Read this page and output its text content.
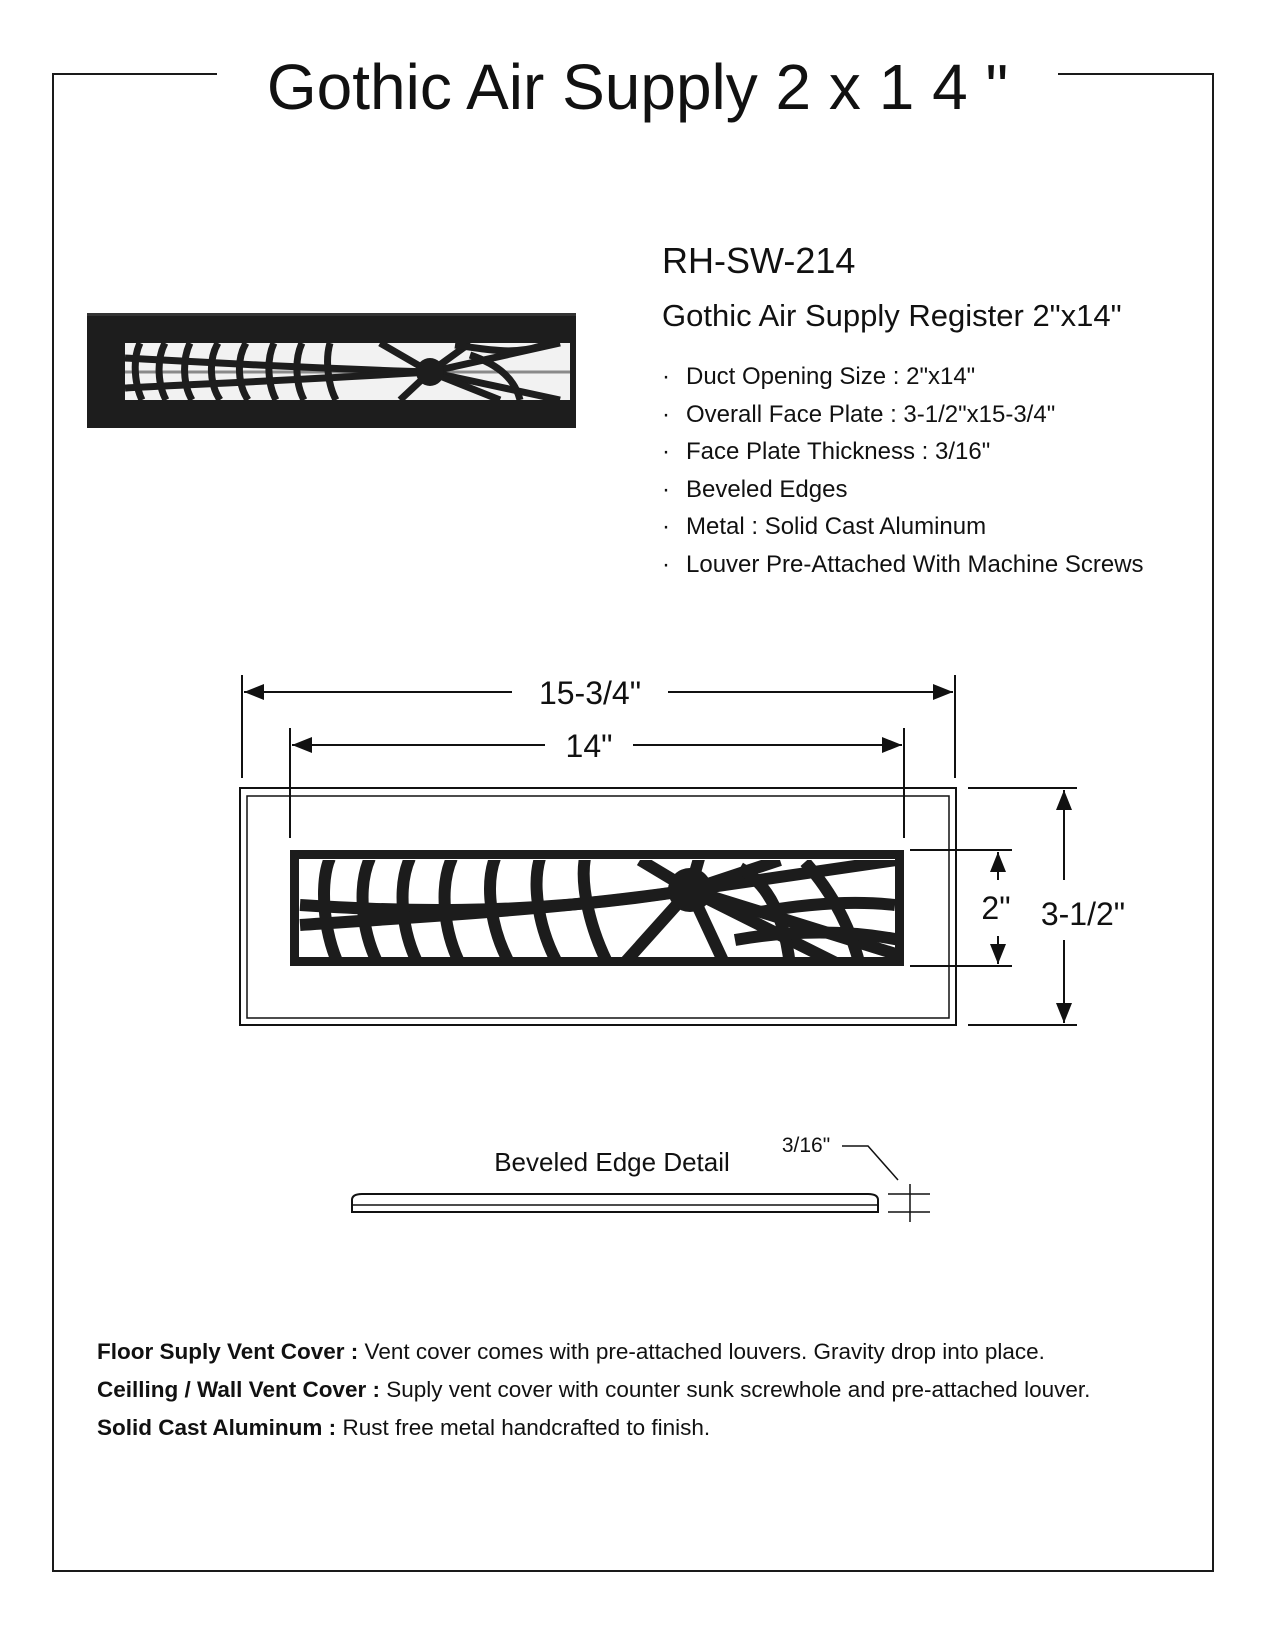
Gothic Air Supply 2 x 1 4 "
RH-SW-214
Gothic Air Supply Register 2"x14"
· Duct Opening Size : 2"x14"
· Overall Face Plate : 3-1/2"x15-3/4"
· Face Plate Thickness : 3/16"
· Beveled Edges
· Metal : Solid Cast Aluminum
· Louver Pre-Attached With Machine Screws
15-3/4"
14"
2" 3-1/2"
Beveled Edge Detail
3/16"

Floor Suply Vent Cover : Vent cover comes with pre-attached louvers. Gravity drop into place.

Ceilling / Wall Vent Cover : Suply vent cover with counter sunk screwhole and pre-attached louver.

Solid Cast Aluminum : Rust free metal handcrafted to finish.
